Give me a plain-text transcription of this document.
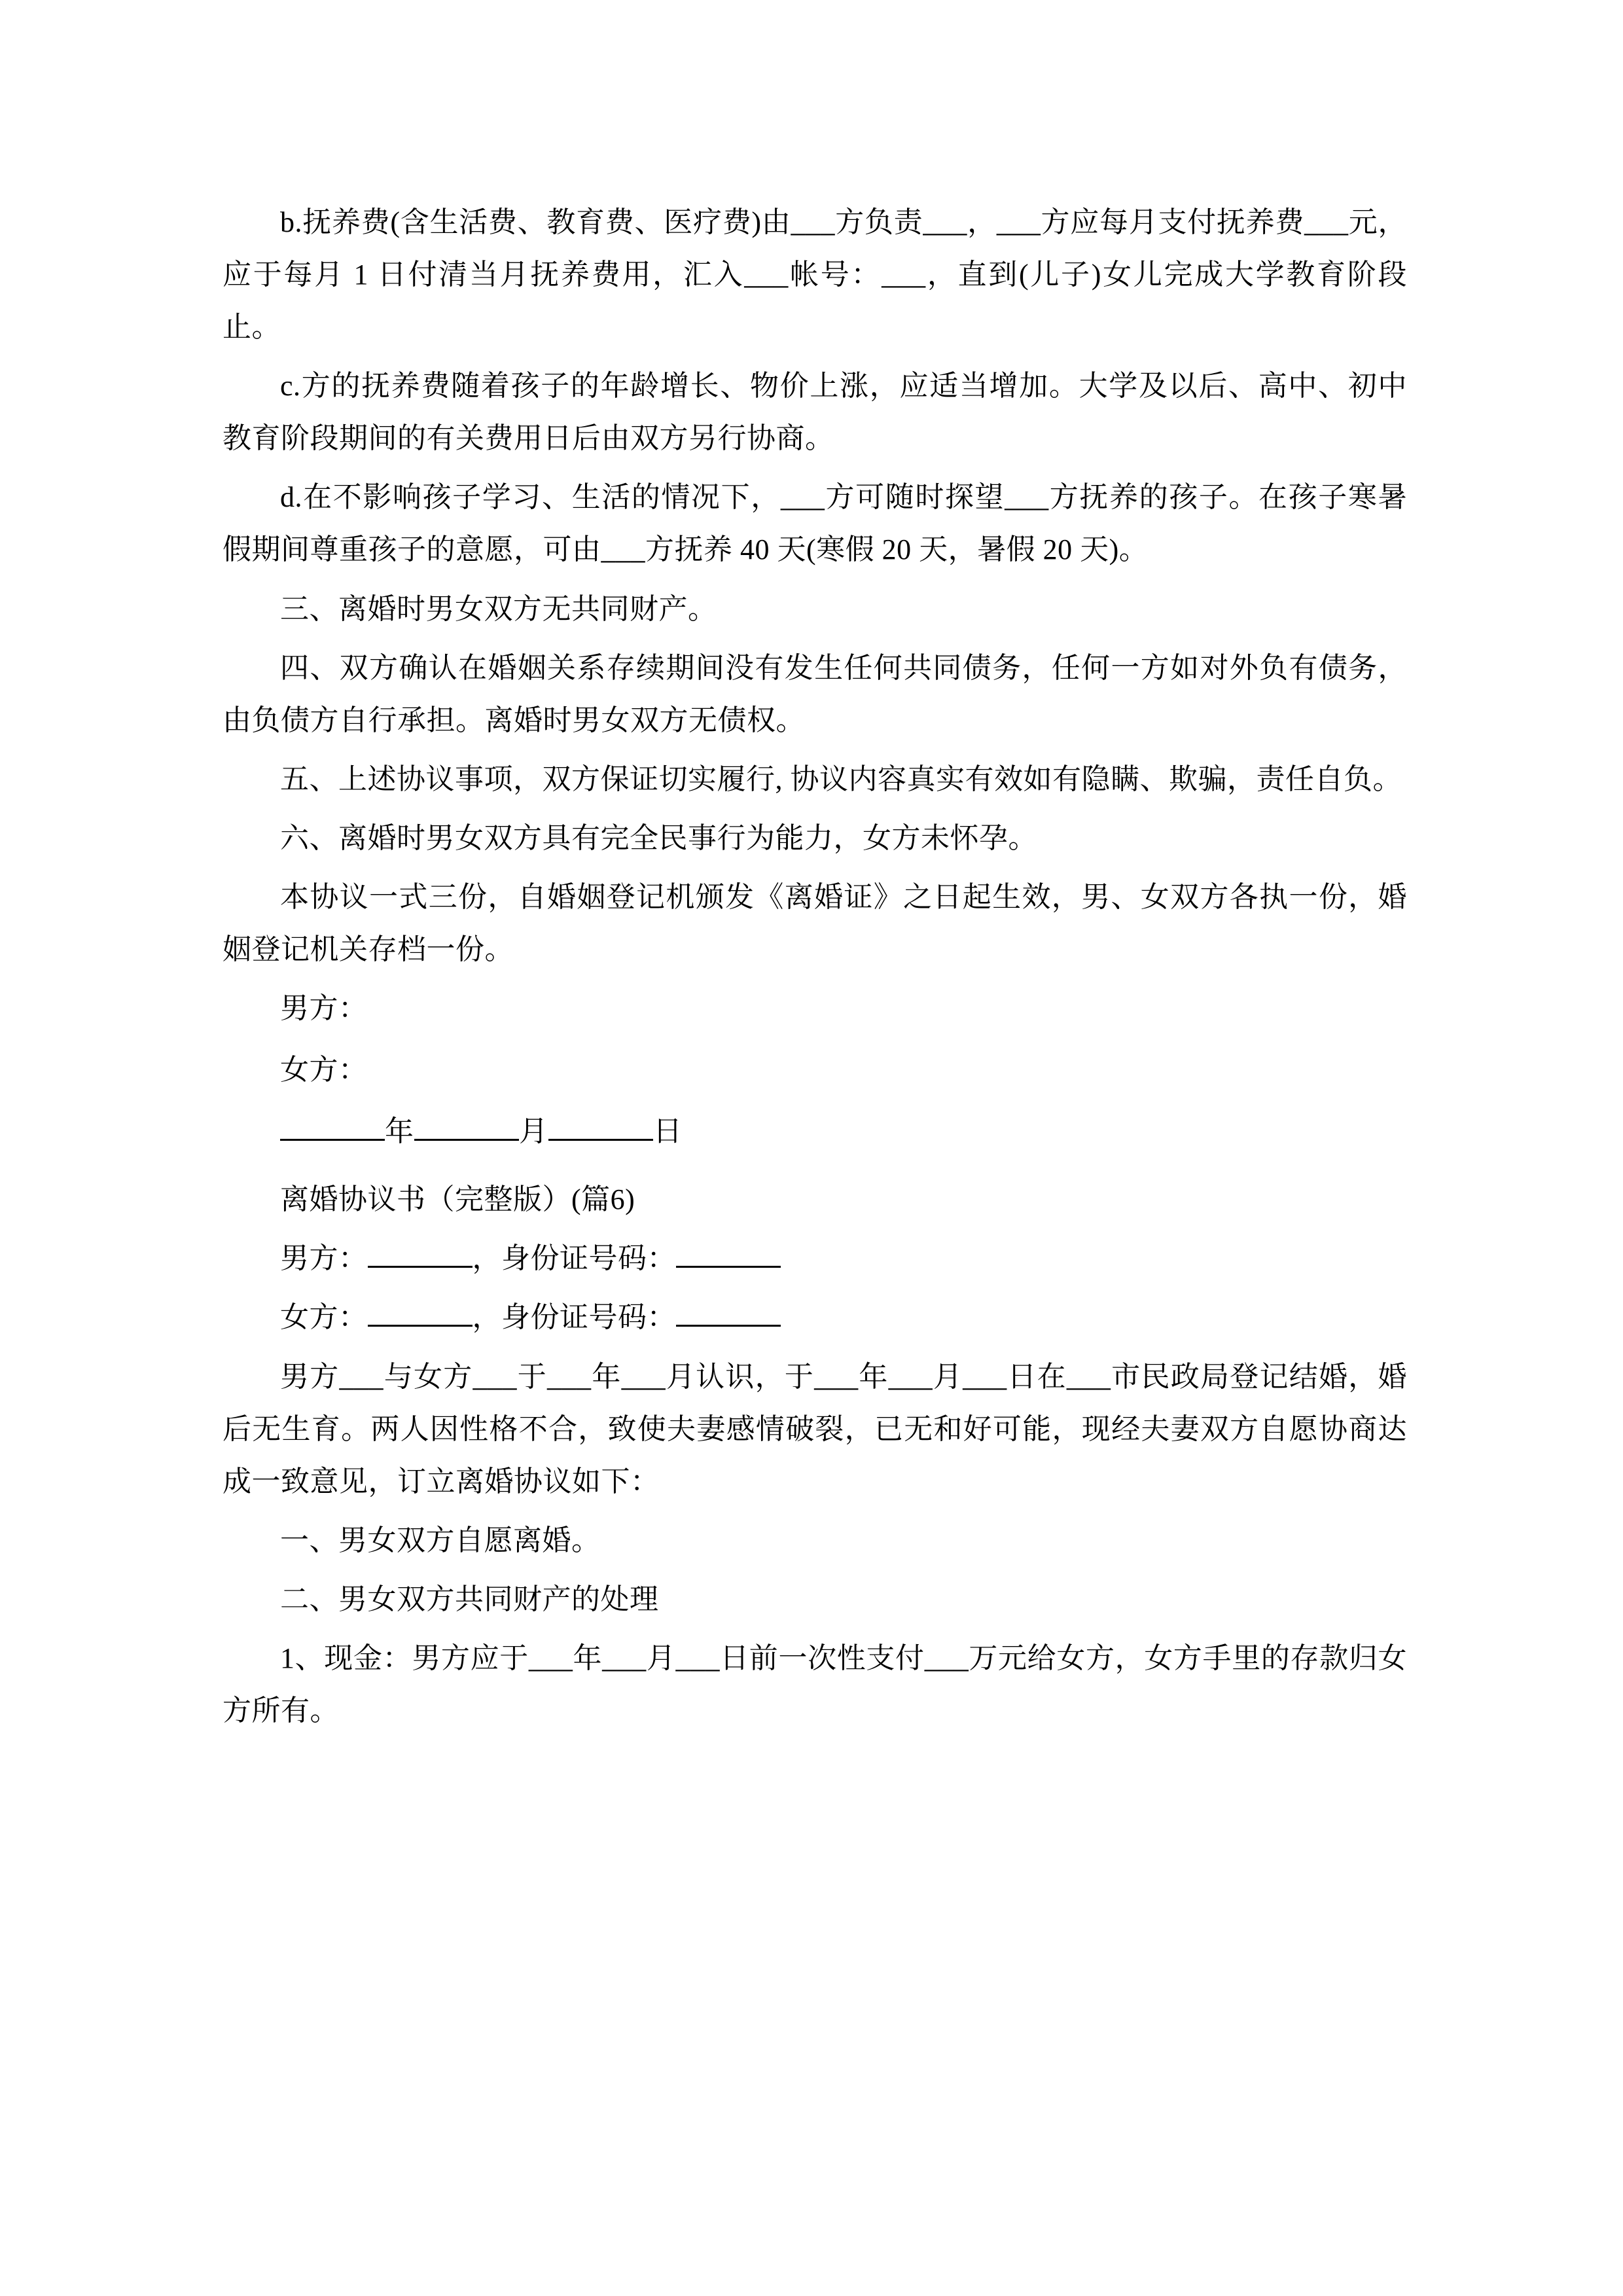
b.抚养费(含生活费、教育费、医疗费)由___方负责___，___方应每月支付抚养费___元，应于每月 1 日付清当月抚养费用，汇入___帐号：___，直到(儿子)女儿完成大学教育阶段止。

c.方的抚养费随着孩子的年龄增长、物价上涨，应适当增加。大学及以后、高中、初中教育阶段期间的有关费用日后由双方另行协商。

d.在不影响孩子学习、生活的情况下，___方可随时探望___方抚养的孩子。在孩子寒暑假期间尊重孩子的意愿，可由___方抚养 40 天(寒假 20 天，暑假 20 天)。

三、离婚时男女双方无共同财产。

四、双方确认在婚姻关系存续期间没有发生任何共同债务，任何一方如对外负有债务，由负债方自行承担。离婚时男女双方无债权。

五、上述协议事项，双方保证切实履行, 协议内容真实有效如有隐瞒、欺骗，责任自负。

六、离婚时男女双方具有完全民事行为能力，女方未怀孕。

本协议一式三份，自婚姻登记机颁发《离婚证》之日起生效，男、女双方各执一份，婚姻登记机关存档一份。

男方：

女方：

年	月	日

离婚协议书（完整版）(篇6)

男方：	，身份证号码：

女方：	，身份证号码：

男方___与女方___于___年___月认识，于___年___月___日在___市民政局登记结婚，婚后无生育。两人因性格不合，致使夫妻感情破裂，已无和好可能，现经夫妻双方自愿协商达成一致意见，订立离婚协议如下：

一、男女双方自愿离婚。

二、男女双方共同财产的处理

1、现金：男方应于___年___月___日前一次性支付___万元给女方，女方手里的存款归女方所有。
